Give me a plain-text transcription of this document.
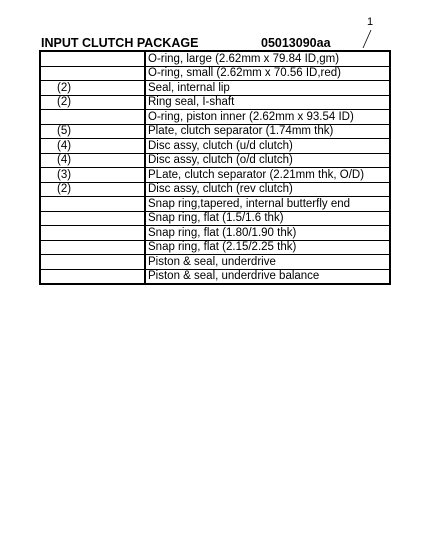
1
INPUT CLUTCH PACKAGE	05013090aa
	O-ring, large (2.62mm x 79.84 ID,gm)
	O-ring, small (2.62mm x 70.56 ID,red)
(2)	Seal, internal lip
(2)	Ring seal, I-shaft
	O-ring, piston inner (2.62mm x 93.54 ID)
(5)	Plate, clutch separator (1.74mm thk)
(4)	Disc assy, clutch (u/d clutch)
(4)	Disc assy, clutch (o/d clutch)
(3)	PLate, clutch separator (2.21mm thk, O/D)
(2)	Disc assy, clutch (rev clutch)
	Snap ring,tapered, internal butterfly end
	Snap ring, flat (1.5/1.6 thk)
	Snap ring, flat (1.80/1.90 thk)
	Snap ring, flat (2.15/2.25 thk)
	Piston & seal, underdrive
	Piston & seal, underdrive balance
